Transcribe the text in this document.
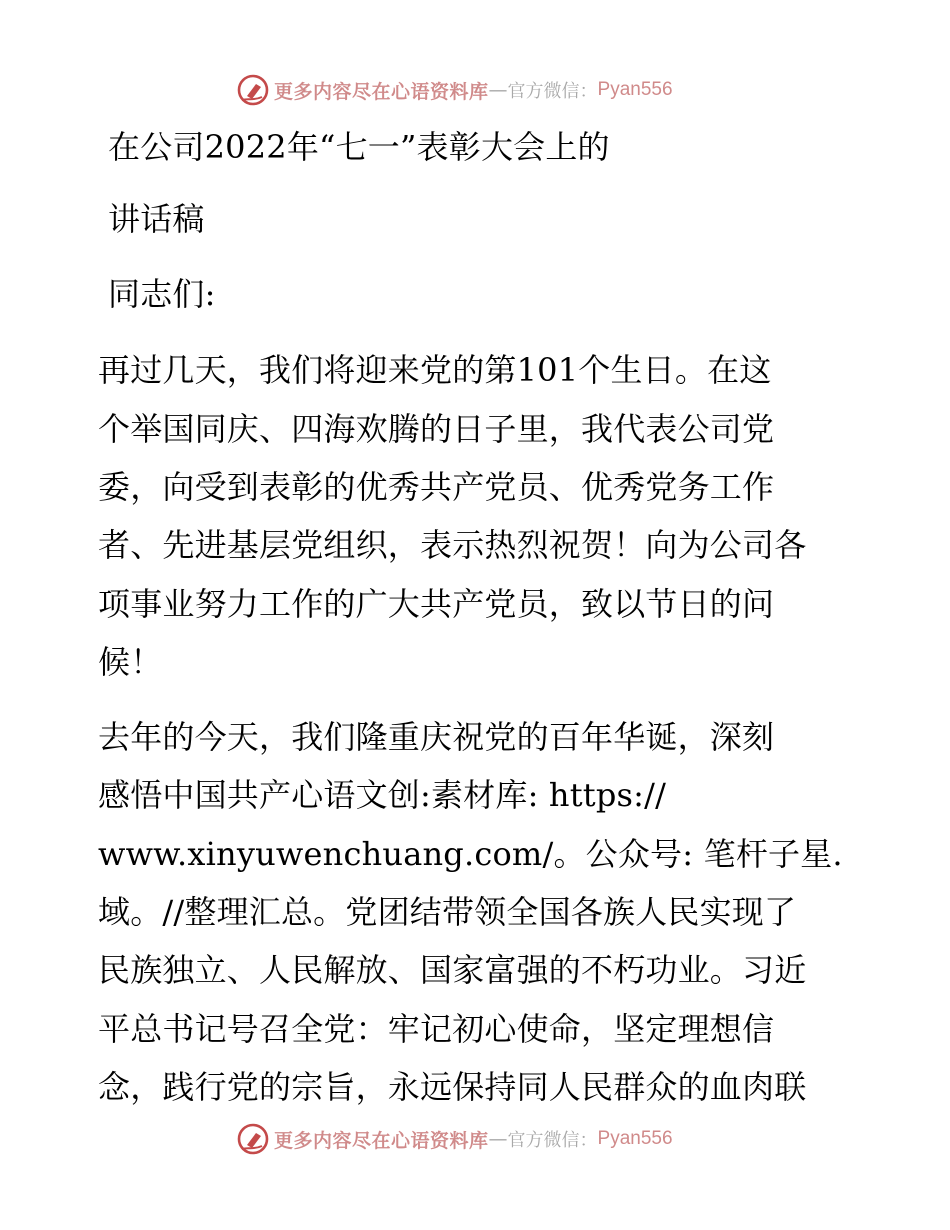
更多内容尽在心语资料库 — 官方微信： Pyan556
在公司2022年“七一”表彰大会上的
讲话稿
同志们:
再过几天，我们将迎来党的第101个生日。在这
个举国同庆、四海欢腾的日子里，我代表公司党
委，向受到表彰的优秀共产党员、优秀党务工作
者、先进基层党组织，表示热烈祝贺！向为公司各
项事业努力工作的广大共产党员，致以节日的问
候！
去年的今天，我们隆重庆祝党的百年华诞，深刻
感悟中国共产心语文创:素材库: https://
www.xinyuwenchuang.com/。公众号: 笔杆子星.
域。//整理汇总。党团结带领全国各族人民实现了
民族独立、人民解放、国家富强的不朽功业。习近
平总书记号召全党：牢记初心使命，坚定理想信
念，践行党的宗旨，永远保持同人民群众的血肉联
更多内容尽在心语资料库 — 官方微信： Pyan556
